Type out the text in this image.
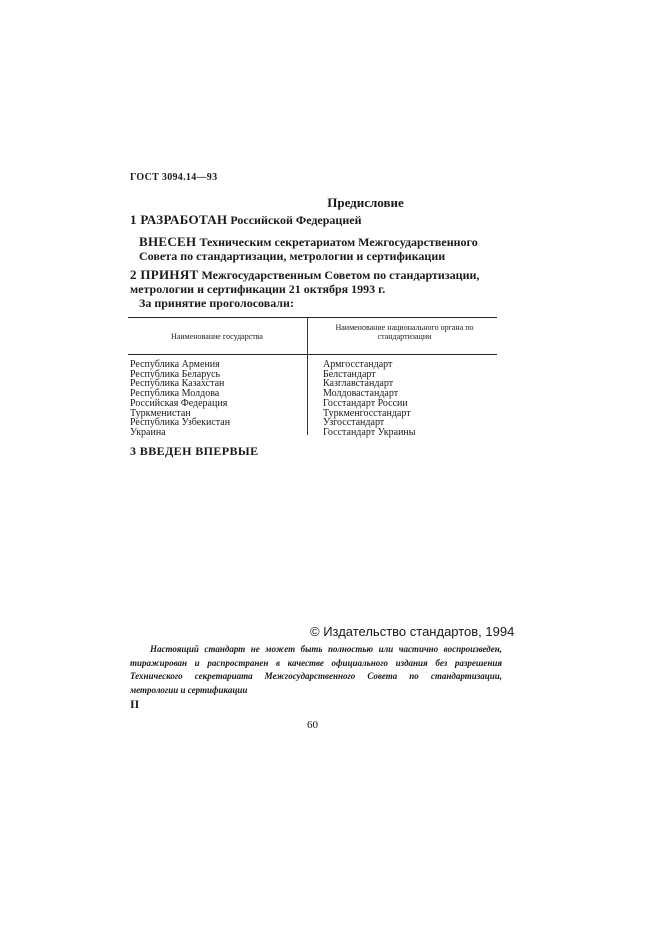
ГОСТ 3094.14—93
Предисловие
1 РАЗРАБОТАН Российской Федерацией
ВНЕСЕН Техническим секретариатом Межгосударственного Совета по стандартизации, метрологии и сертификации
2 ПРИНЯТ Межгосударственным Советом по стандартизации, метрологии и сертификации 21 октября 1993 г.
За принятие проголосовали:
Наименование государства
Наименование национального органа по стандартизации
Республика Армения
Республика Беларусь
Республика Казахстан
Республика Молдова
Российская Федерация
Туркменистан
Республика Узбекистан
Украина
Армгосстандарт
Белстандарт
Казглавстандарт
Молдовастандарт
Госстандарт России
Туркменгосстандарт
Узгосстандарт
Госстандарт Украины
3 ВВЕДЕН ВПЕРВЫЕ
© Издательство стандартов, 1994
Настоящий стандарт не может быть полностью или частично воспроизведен, тиражирован и распространен в качестве официального издания без разрешения Технического секретариата Межгосударственного Совета по стандартизации, метрологии и сертификации
II
60
